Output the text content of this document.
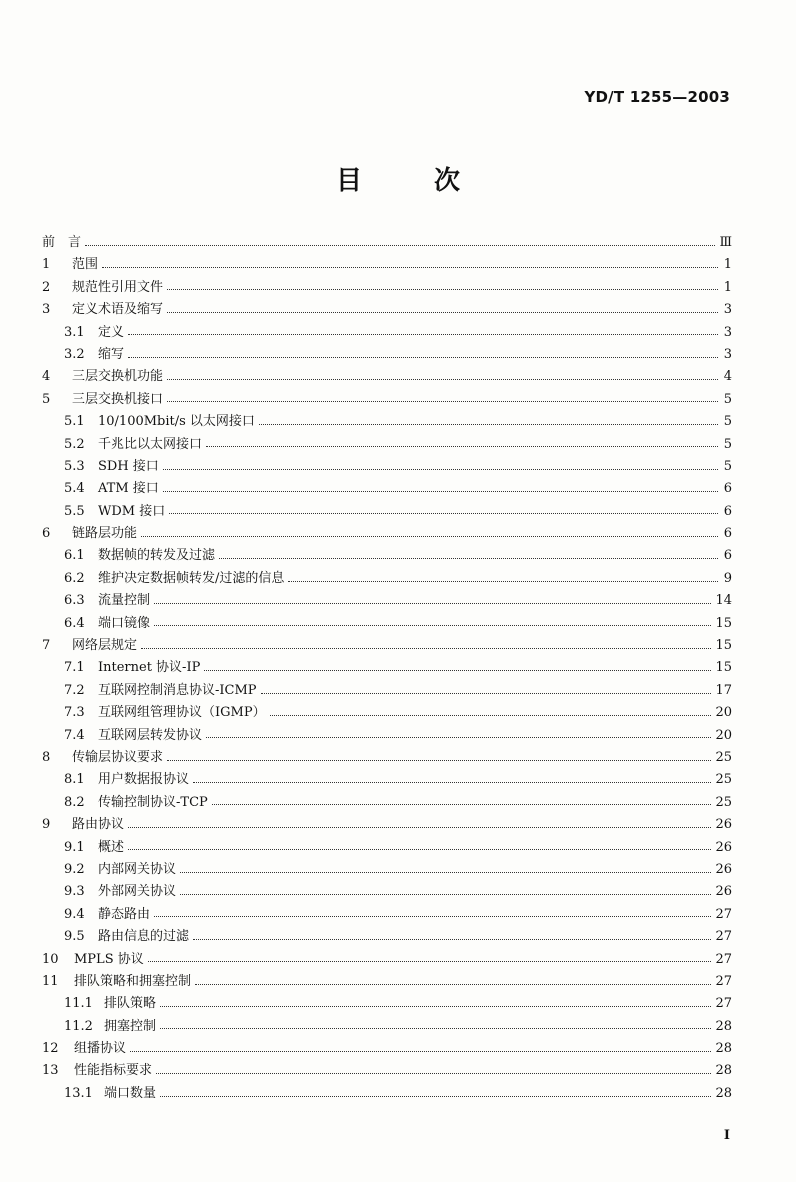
YD/T 1255—2003
目	次
前　言	Ⅲ
1	范围	1
2	规范性引用文件	1
3	定义术语及缩写	3
3.1	定义	3
3.2	缩写	3
4	三层交换机功能	4
5	三层交换机接口	5
5.1	10/100Mbit/s 以太网接口	5
5.2	千兆比以太网接口	5
5.3	SDH 接口	5
5.4	ATM 接口	6
5.5	WDM 接口	6
6	链路层功能	6
6.1	数据帧的转发及过滤	6
6.2	维护决定数据帧转发/过滤的信息	9
6.3	流量控制	14
6.4	端口镜像	15
7	网络层规定	15
7.1	Internet 协议-IP	15
7.2	互联网控制消息协议-ICMP	17
7.3	互联网组管理协议（IGMP）	20
7.4	互联网层转发协议	20
8	传输层协议要求	25
8.1	用户数据报协议	25
8.2	传输控制协议-TCP	25
9	路由协议	26
9.1	概述	26
9.2	内部网关协议	26
9.3	外部网关协议	26
9.4	静态路由	27
9.5	路由信息的过滤	27
10	MPLS 协议	27
11	排队策略和拥塞控制	27
11.1 排队策略	27
11.2 拥塞控制	28
12	组播协议	28
13	性能指标要求	28
13.1 端口数量	28
I
